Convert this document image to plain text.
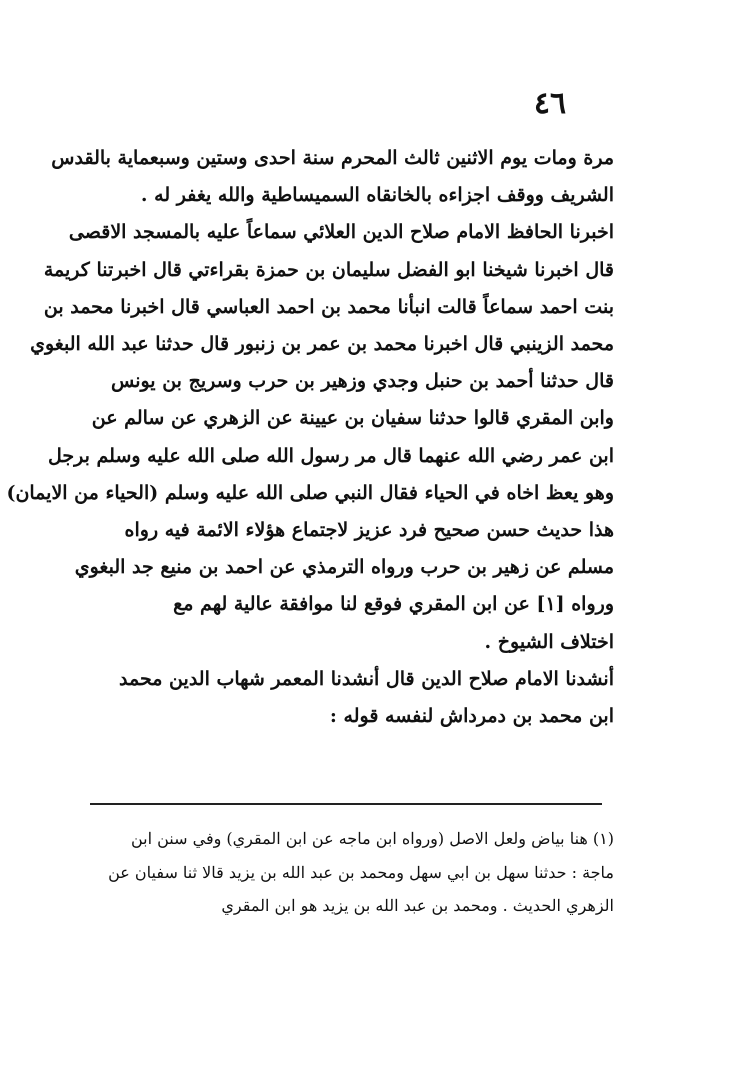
٤٦
مرة ومات يوم الاثنين ثالث المحرم سنة احدى وستين وسبعماية بالقدس
الشريف ووقف اجزاءه بالخانقاه السميساطية والله يغفر له .
اخبرنا الحافظ الامام صلاح الدين العلائي سماعاً عليه بالمسجد الاقصى
قال اخبرنا شيخنا ابو الفضل سليمان بن حمزة بقراءتي قال اخبرتنا كريمة
بنت احمد سماعاً قالت انبأنا محمد بن احمد العباسي قال اخبرنا محمد بن
محمد الزينبي قال اخبرنا محمد بن عمر بن زنبور قال حدثنا عبد الله البغوي
قال حدثنا أحمد بن حنبل وجدي وزهير بن حرب وسريج بن يونس
وابن المقري قالوا حدثنا سفيان بن عيينة عن الزهري عن سالم عن
ابن عمر رضي الله عنهما قال مر رسول الله صلى الله عليه وسلم برجل
وهو يعظ اخاه في الحياء فقال النبي صلى الله عليه وسلم (الحياء من الايمان)
هذا حديث حسن صحيح فرد عزيز لاجتماع هؤلاء الائمة فيه رواه
مسلم عن زهير بن حرب ورواه الترمذي عن احمد بن منيع جد البغوي
ورواه [١] عن ابن المقري فوقع لنا موافقة عالية لهم مع
اختلاف الشيوخ .
أنشدنا الامام صلاح الدين قال أنشدنا المعمر شهاب الدين محمد
ابن محمد بن دمرداش لنفسه قوله :
(١) هنا بياض ولعل الاصل (ورواه ابن ماجه عن ابن المقري) وفي سنن ابن
ماجة : حدثنا سهل بن ابي سهل ومحمد بن عبد الله بن يزيد قالا ثنا سفيان عن
الزهري الحديث . ومحمد بن عبد الله بن يزيد هو ابن المقري
